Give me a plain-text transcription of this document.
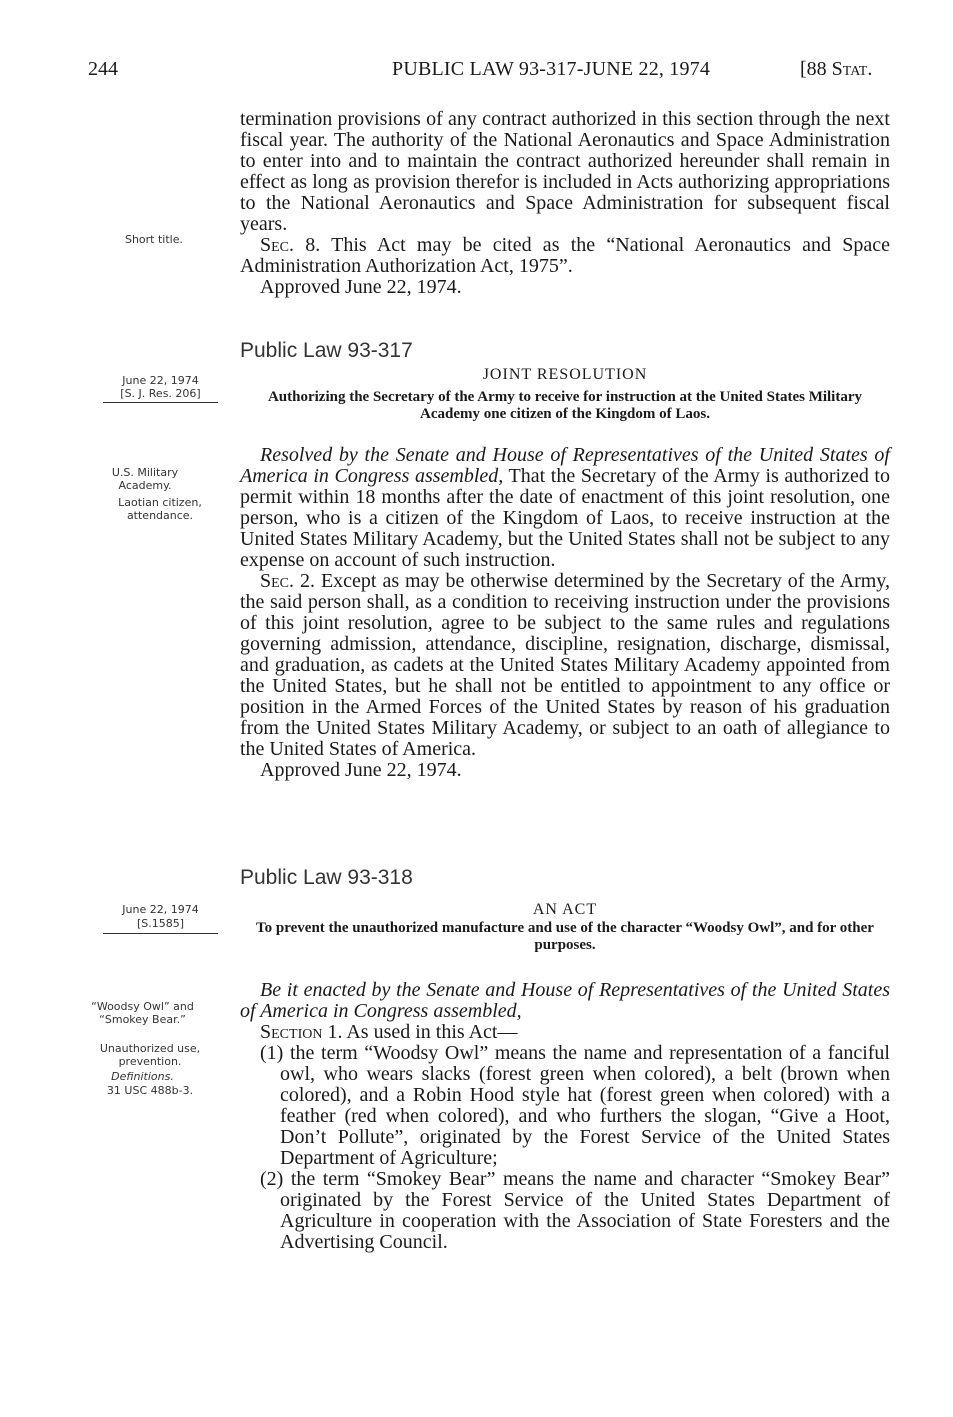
244	PUBLIC LAW 93-317-JUNE 22, 1974	[88 Stat.

termination provisions of any contract authorized in this section through the next fiscal year. The authority of the National Aeronautics and Space Administration to enter into and to maintain the contract authorized hereunder shall remain in effect as long as provision therefor is included in Acts authorizing appropriations to the National Aeronautics and Space Administration for subsequent fiscal years.

Sec. 8. This Act may be cited as the “National Aeronautics and Space Administration Authorization Act, 1975”.

Approved June 22, 1974.

Short title.
Public Law 93-317
June 22, 1974
[S. J. Res. 206]
JOINT RESOLUTION
Authorizing the Secretary of the Army to receive for instruction at the United States Military Academy one citizen of the Kingdom of Laos.

Resolved by the Senate and House of Representatives of the United States of America in Congress assembled, That the Secretary of the Army is authorized to permit within 18 months after the date of enactment of this joint resolution, one person, who is a citizen of the Kingdom of Laos, to receive instruction at the United States Military Academy, but the United States shall not be subject to any expense on account of such instruction.

Sec. 2. Except as may be otherwise determined by the Secretary of the Army, the said person shall, as a condition to receiving instruction under the provisions of this joint resolution, agree to be subject to the same rules and regulations governing admission, attendance, discipline, resignation, discharge, dismissal, and graduation, as cadets at the United States Military Academy appointed from the United States, but he shall not be entitled to appointment to any office or position in the Armed Forces of the United States by reason of his graduation from the United States Military Academy, or subject to an oath of allegiance to the United States of America.

Approved June 22, 1974.

U.S. Military Academy.
Laotian citizen, attendance.
Public Law 93-318
June 22, 1974
[S.1585]
AN ACT
To prevent the unauthorized manufacture and use of the character “Woodsy Owl”, and for other purposes.

Be it enacted by the Senate and House of Representatives of the United States of America in Congress assembled,

Section 1. As used in this Act—

(1) the term “Woodsy Owl” means the name and representation of a fanciful owl, who wears slacks (forest green when colored), a belt (brown when colored), and a Robin Hood style hat (forest green when colored) with a feather (red when colored), and who furthers the slogan, “Give a Hoot, Don’t Pollute”, originated by the Forest Service of the United States Department of Agriculture;

(2) the term “Smokey Bear” means the name and character “Smokey Bear” originated by the Forest Service of the United States Department of Agriculture in cooperation with the Association of State Foresters and the Advertising Council.

“Woodsy Owl” and “Smokey Bear.”
Unauthorized use, prevention.
Definitions.
31 USC 488b-3.
